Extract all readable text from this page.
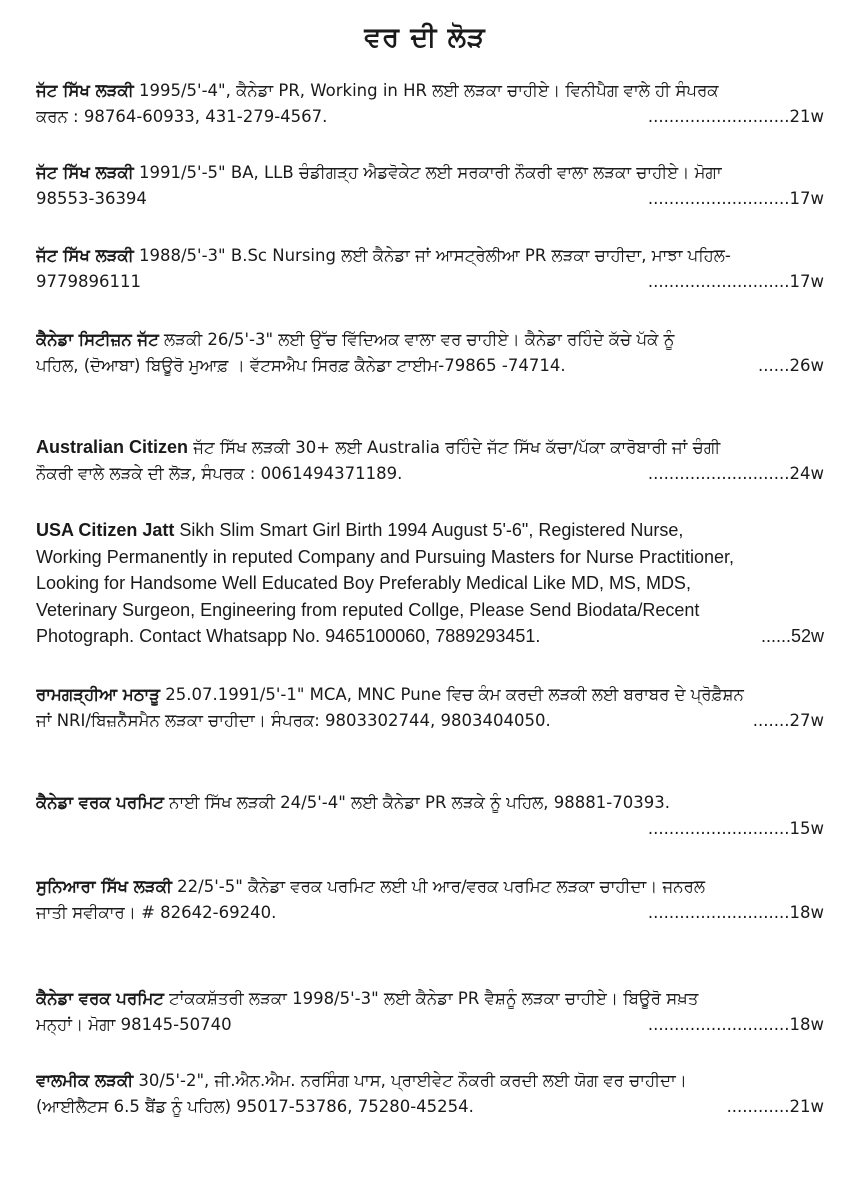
ਵਰ ਦੀ ਲੋੜ
ਜੱਟ ਸਿੱਖ ਲੜਕੀ 1995/5'-4", ਕੈਨੇਡਾ PR, Working in HR ਲਈ ਲੜਕਾ ਚਾਹੀਏ। ਵਿਨੀਪੈਗ ਵਾਲੇ ਹੀ ਸੰਪਰਕ
ਕਰਨ : 98764-60933, 431-279-4567.	...........................21w
ਜੱਟ ਸਿੱਖ ਲੜਕੀ 1991/5'-5" BA, LLB ਚੰਡੀਗੜ੍ਹ ਐਡਵੋਕੇਟ ਲਈ ਸਰਕਾਰੀ ਨੌਕਰੀ ਵਾਲਾ ਲੜਕਾ ਚਾਹੀਏ। ਮੋਗਾ
98553-36394	...........................17w
ਜੱਟ ਸਿੱਖ ਲੜਕੀ 1988/5'-3" B.Sc Nursing ਲਈ ਕੈਨੇਡਾ ਜਾਂ ਆਸਟ੍ਰੇਲੀਆ PR ਲੜਕਾ ਚਾਹੀਦਾ, ਮਾਝਾ ਪਹਿਲ-
9779896111	...........................17w
ਕੈਨੇਡਾ ਸਿਟੀਜ਼ਨ ਜੱਟ ਲੜਕੀ 26/5'-3" ਲਈ ਉੱਚ ਵਿੱਦਿਅਕ ਵਾਲਾ ਵਰ ਚਾਹੀਏ। ਕੈਨੇਡਾ ਰਹਿੰਦੇ ਕੱਚੇ ਪੱਕੇ ਨੂੰ
ਪਹਿਲ, (ਦੋਆਬਾ) ਬਿਊਰੋ ਮੁਆਫ਼ । ਵੱਟਸਐਪ ਸਿਰਫ਼ ਕੈਨੇਡਾ ਟਾਈਮ-79865 -74714.	......26w
Australian Citizen ਜੱਟ ਸਿੱਖ ਲੜਕੀ 30+ ਲਈ Australia ਰਹਿੰਦੇ ਜੱਟ ਸਿੱਖ ਕੱਚਾ/ਪੱਕਾ ਕਾਰੋਬਾਰੀ ਜਾਂ ਚੰਗੀ
ਨੌਕਰੀ ਵਾਲੇ ਲੜਕੇ ਦੀ ਲੋੜ, ਸੰਪਰਕ : 0061494371189.	...........................24w
USA Citizen Jatt Sikh Slim Smart Girl Birth 1994 August 5'-6", Registered Nurse,
Working Permanently in reputed Company and Pursuing Masters for Nurse Practitioner,
Looking for Handsome Well Educated Boy Preferably Medical Like MD, MS, MDS,
Veterinary Surgeon, Engineering from reputed Collge, Please Send Biodata/Recent
Photograph. Contact Whatsapp No. 9465100060, 7889293451.	......52w
ਰਾਮਗੜ੍ਹੀਆ ਮਠਾੜੂ 25.07.1991/5'-1" MCA, MNC Pune ਵਿਚ ਕੰਮ ਕਰਦੀ ਲੜਕੀ ਲਈ ਬਰਾਬਰ ਦੇ ਪ੍ਰੋਫ਼ੈਸ਼ਨ
ਜਾਂ NRI/ਬਿਜ਼ਨੈੱਸਮੈਨ ਲੜਕਾ ਚਾਹੀਦਾ। ਸੰਪਰਕ: 9803302744, 9803404050.	.......27w
ਕੈਨੇਡਾ ਵਰਕ ਪਰਮਿਟ ਨਾਈ ਸਿੱਖ ਲੜਕੀ 24/5'-4" ਲਈ ਕੈਨੇਡਾ PR ਲੜਕੇ ਨੂੰ ਪਹਿਲ, 98881-70393.
...........................15w
ਸੁਨਿਆਰਾ ਸਿੱਖ ਲੜਕੀ 22/5'-5" ਕੈਨੇਡਾ ਵਰਕ ਪਰਮਿਟ ਲਈ ਪੀ ਆਰ/ਵਰਕ ਪਰਮਿਟ ਲੜਕਾ ਚਾਹੀਦਾ। ਜਨਰਲ
ਜਾਤੀ ਸਵੀਕਾਰ। # 82642-69240.	...........................18w
ਕੈਨੇਡਾ ਵਰਕ ਪਰਮਿਟ ਟਾਂਕਕਸ਼ੱਤਰੀ ਲੜਕਾ 1998/5'-3" ਲਈ ਕੈਨੇਡਾ PR ਵੈਸ਼ਨੂੰ ਲੜਕਾ ਚਾਹੀਏ। ਬਿਊਰੋ ਸਖ਼ਤ
ਮਨ੍ਹਾਂ। ਮੋਗਾ 98145-50740	...........................18w
ਵਾਲਮੀਕ ਲੜਕੀ 30/5'-2", ਜੀ.ਐਨ.ਐਮ. ਨਰਸਿੰਗ ਪਾਸ, ਪ੍ਰਾਈਵੇਟ ਨੌਕਰੀ ਕਰਦੀ ਲਈ ਯੋਗ ਵਰ ਚਾਹੀਦਾ।
(ਆਈਲੈਟਸ 6.5 ਬੈਂਡ ਨੂੰ ਪਹਿਲ) 95017-53786, 75280-45254.	............21w
